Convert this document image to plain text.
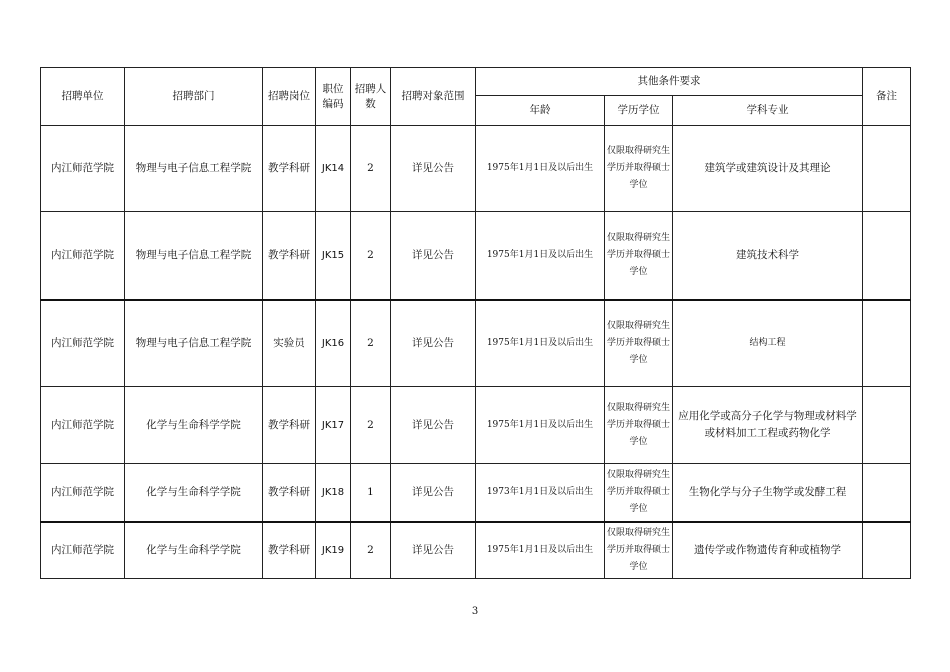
招聘单位	招聘部门	招聘岗位	职位编码	招聘人数	招聘对象范围	其他条件要求			备注
						年龄	学历学位	学科专业	
内江师范学院	物理与电子信息工程学院	教学科研	JK14	2	详见公告	1975年1月1日及以后出生	仅限取得研究生学历并取得硕士学位	建筑学或建筑设计及其理论	
内江师范学院	物理与电子信息工程学院	教学科研	JK15	2	详见公告	1975年1月1日及以后出生	仅限取得研究生学历并取得硕士学位	建筑技术科学	
内江师范学院	物理与电子信息工程学院	实验员	JK16	2	详见公告	1975年1月1日及以后出生	仅限取得研究生学历并取得硕士学位	结构工程	
内江师范学院	化学与生命科学学院	教学科研	JK17	2	详见公告	1975年1月1日及以后出生	仅限取得研究生学历并取得硕士学位	应用化学或高分子化学与物理或材料学或材料加工工程或药物化学	
内江师范学院	化学与生命科学学院	教学科研	JK18	1	详见公告	1973年1月1日及以后出生	仅限取得研究生学历并取得硕士学位	生物化学与分子生物学或发酵工程	
内江师范学院	化学与生命科学学院	教学科研	JK19	2	详见公告	1975年1月1日及以后出生	仅限取得研究生学历并取得硕士学位	遗传学或作物遗传育种或植物学	
3
